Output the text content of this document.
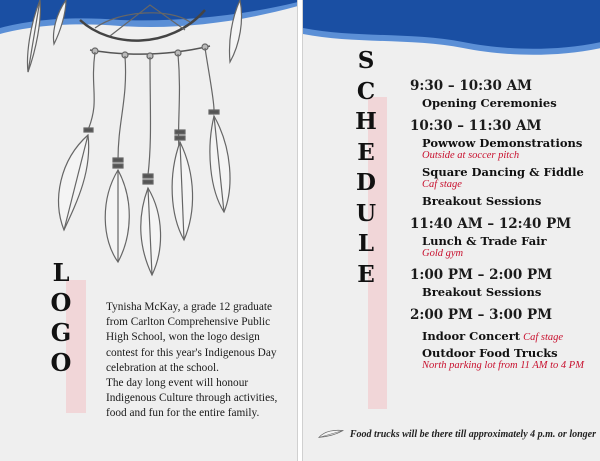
L
O
G
O

Tynisha McKay, a grade 12 graduate from Carlton Comprehensive Public High School, won the logo design contest for this year's Indigenous Day celebration at the school.

The day long event will honour Indigenous Culture through activities, food and fun for the entire family.

S
C
H
E
D
U
L
E
9:30 – 10:30 AM
Opening Ceremonies
10:30 – 11:30 AM
Powwow Demonstrations
Outside at soccer pitch
Square Dancing & Fiddle
Caf stage
Breakout Sessions
11:40 AM – 12:40 PM
Lunch & Trade Fair
Gold gym
1:00 PM – 2:00 PM
Breakout Sessions
2:00 PM – 3:00 PM
Indoor Concert Caf stage
Outdoor Food Trucks
North parking lot from 11 AM to 4 PM
Food trucks will be there till approximately 4 p.m. or longer
